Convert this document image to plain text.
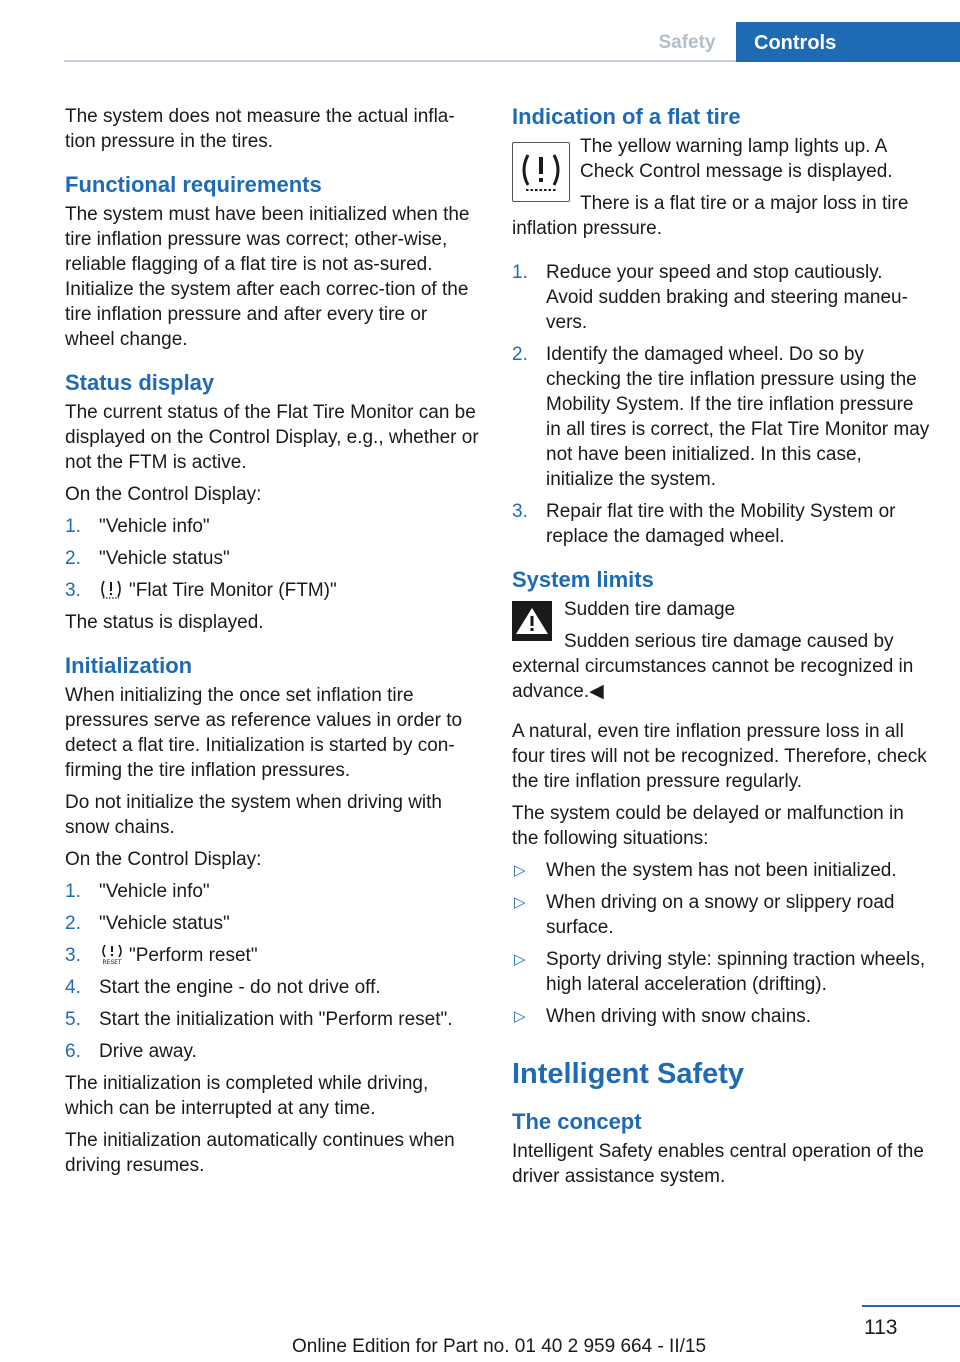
Safety	Controls

The system does not measure the actual infla-tion pressure in the tires.

Functional requirements

The system must have been initialized when the tire inflation pressure was correct; other-wise, reliable flagging of a flat tire is not as-sured. Initialize the system after each correc-tion of the tire inflation pressure and after every tire or wheel change.

Status display

The current status of the Flat Tire Monitor can be displayed on the Control Display, e.g., whether or not the FTM is active.

On the Control Display:

1. "Vehicle info"
2. "Vehicle status"
3.	"Flat Tire Monitor (FTM)"

The status is displayed.

Initialization

When initializing the once set inflation tire pressures serve as reference values in order to detect a flat tire. Initialization is started by con-firming the tire inflation pressures.

Do not initialize the system when driving with snow chains.

On the Control Display:

1. "Vehicle info"
2. "Vehicle status"
3.	RESET "Perform reset"
4. Start the engine - do not drive off.
5. Start the initialization with "Perform reset".
6. Drive away.

The initialization is completed while driving, which can be interrupted at any time.

The initialization automatically continues when driving resumes.

Indication of a flat tire

The yellow warning lamp lights up. A Check Control message is displayed.

There is a flat tire or a major loss in tire inflation pressure.

1. Reduce your speed and stop cautiously. Avoid sudden braking and steering maneu-vers.
2. Identify the damaged wheel. Do so by checking the tire inflation pressure using the Mobility System. If the tire inflation pressure in all tires is correct, the Flat Tire Monitor may not have been initialized. In this case, initialize the system.
3. Repair flat tire with the Mobility System or replace the damaged wheel.
System limits

Sudden tire damage

Sudden serious tire damage caused by external circumstances cannot be recognized in advance.◀

A natural, even tire inflation pressure loss in all four tires will not be recognized. Therefore, check the tire inflation pressure regularly.

The system could be delayed or malfunction in the following situations:

▷ When the system has not been initialized.
▷ When driving on a snowy or slippery road surface.
▷ Sporty driving style: spinning traction wheels, high lateral acceleration (drifting).
▷ When driving with snow chains.
Intelligent Safety
The concept

Intelligent Safety enables central operation of the driver assistance system.

113
Online Edition for Part no. 01 40 2 959 664 - II/15
